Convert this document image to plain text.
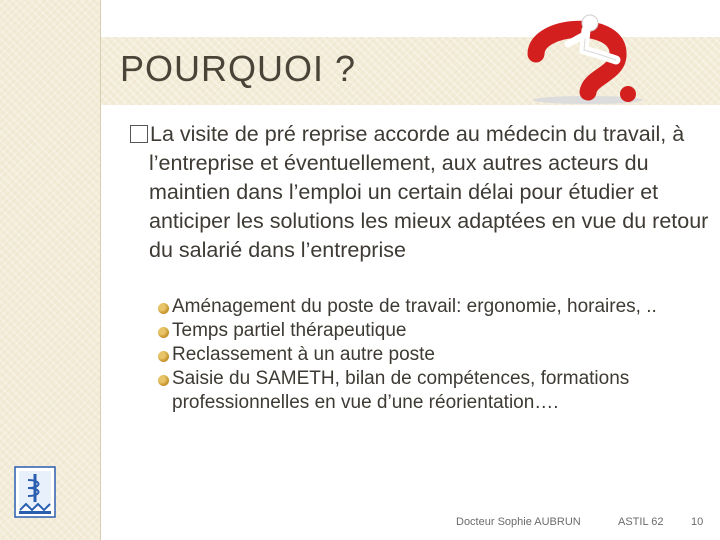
POURQUOI ?
La visite de pré reprise accorde au médecin du travail, à l’entreprise et éventuellement, aux autres acteurs du maintien dans l’emploi un certain délai pour étudier et anticiper les solutions les mieux adaptées en vue du retour du salarié dans l’entreprise
Aménagement du poste de travail: ergonomie, horaires, ..
Temps partiel thérapeutique
Reclassement à un autre poste
Saisie du SAMETH, bilan de compétences, formations professionnelles en vue d’une réorientation….
Docteur Sophie AUBRUN	ASTIL 62	10
